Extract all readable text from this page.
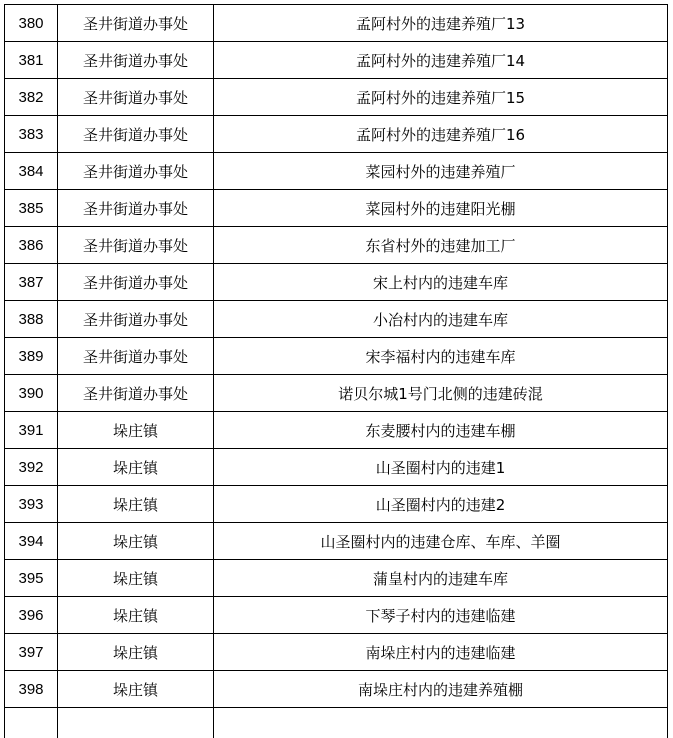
380	圣井街道办事处	孟阿村外的违建养殖厂13
381	圣井街道办事处	孟阿村外的违建养殖厂14
382	圣井街道办事处	孟阿村外的违建养殖厂15
383	圣井街道办事处	孟阿村外的违建养殖厂16
384	圣井街道办事处	菜园村外的违建养殖厂
385	圣井街道办事处	菜园村外的违建阳光棚
386	圣井街道办事处	东省村外的违建加工厂
387	圣井街道办事处	宋上村内的违建车库
388	圣井街道办事处	小冶村内的违建车库
389	圣井街道办事处	宋李福村内的违建车库
390	圣井街道办事处	诺贝尔城1号门北侧的违建砖混
391	垛庄镇	东麦腰村内的违建车棚
392	垛庄镇	山圣圈村内的违建1
393	垛庄镇	山圣圈村内的违建2
394	垛庄镇	山圣圈村内的违建仓库、车库、羊圈
395	垛庄镇	蒲皇村内的违建车库
396	垛庄镇	下琴子村内的违建临建
397	垛庄镇	南垛庄村内的违建临建
398	垛庄镇	南垛庄村内的违建养殖棚
